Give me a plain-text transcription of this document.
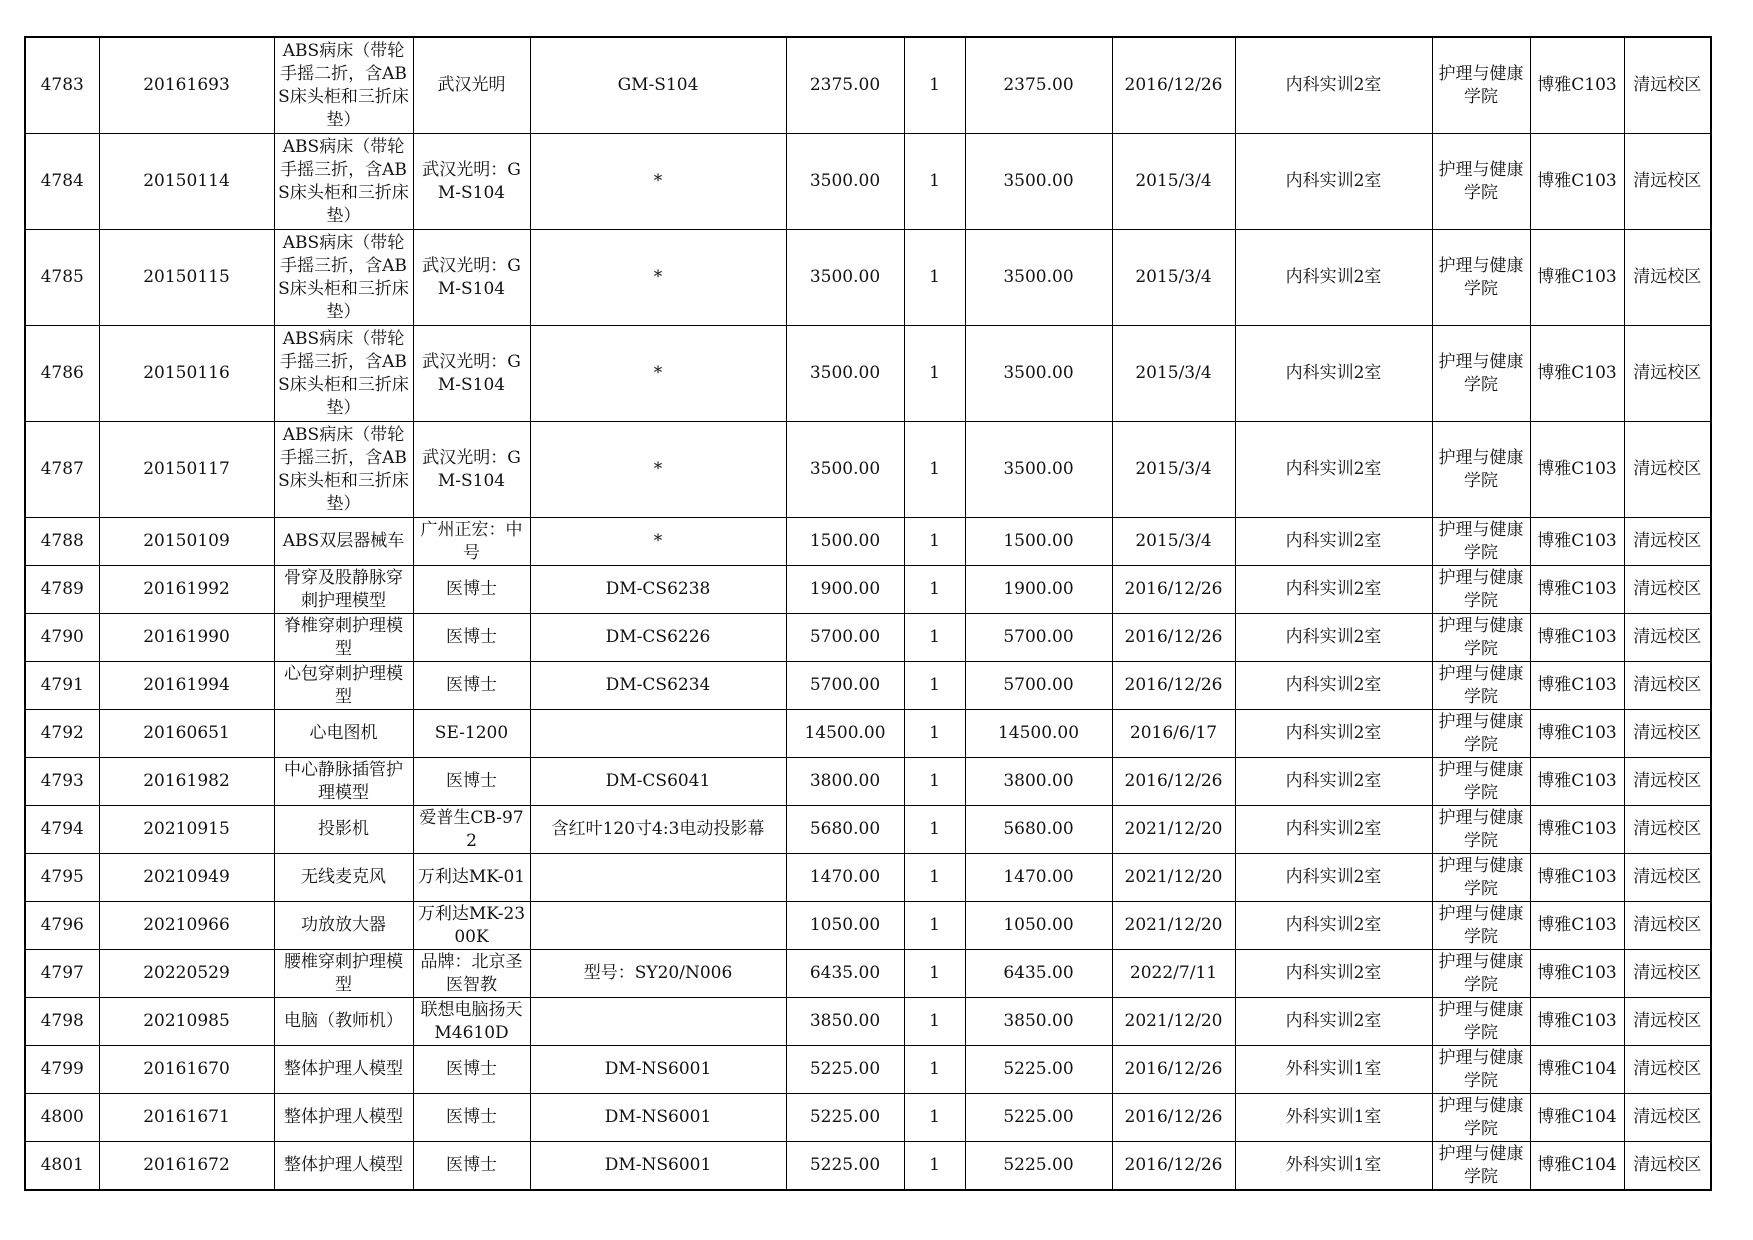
4783	20161693	ABS病床（带轮手摇二折，含ABS床头柜和三折床垫）	武汉光明	GM-S104	2375.00	1	2375.00	2016/12/26	内科实训2室	护理与健康学院	博雅C103	清远校区
4784	20150114	ABS病床（带轮手摇三折，含ABS床头柜和三折床垫）	武汉光明：GM-S104	*	3500.00	1	3500.00	2015/3/4	内科实训2室	护理与健康学院	博雅C103	清远校区
4785	20150115	ABS病床（带轮手摇三折，含ABS床头柜和三折床垫）	武汉光明：GM-S104	*	3500.00	1	3500.00	2015/3/4	内科实训2室	护理与健康学院	博雅C103	清远校区
4786	20150116	ABS病床（带轮手摇三折，含ABS床头柜和三折床垫）	武汉光明：GM-S104	*	3500.00	1	3500.00	2015/3/4	内科实训2室	护理与健康学院	博雅C103	清远校区
4787	20150117	ABS病床（带轮手摇三折，含ABS床头柜和三折床垫）	武汉光明：GM-S104	*	3500.00	1	3500.00	2015/3/4	内科实训2室	护理与健康学院	博雅C103	清远校区
4788	20150109	ABS双层器械车	广州正宏：中号	*	1500.00	1	1500.00	2015/3/4	内科实训2室	护理与健康学院	博雅C103	清远校区
4789	20161992	骨穿及股静脉穿刺护理模型	医博士	DM-CS6238	1900.00	1	1900.00	2016/12/26	内科实训2室	护理与健康学院	博雅C103	清远校区
4790	20161990	脊椎穿刺护理模型	医博士	DM-CS6226	5700.00	1	5700.00	2016/12/26	内科实训2室	护理与健康学院	博雅C103	清远校区
4791	20161994	心包穿刺护理模型	医博士	DM-CS6234	5700.00	1	5700.00	2016/12/26	内科实训2室	护理与健康学院	博雅C103	清远校区
4792	20160651	心电图机	SE-1200		14500.00	1	14500.00	2016/6/17	内科实训2室	护理与健康学院	博雅C103	清远校区
4793	20161982	中心静脉插管护理模型	医博士	DM-CS6041	3800.00	1	3800.00	2016/12/26	内科实训2室	护理与健康学院	博雅C103	清远校区
4794	20210915	投影机	爱普生CB-972	含红叶120寸4:3电动投影幕	5680.00	1	5680.00	2021/12/20	内科实训2室	护理与健康学院	博雅C103	清远校区
4795	20210949	无线麦克风	万利达MK-01		1470.00	1	1470.00	2021/12/20	内科实训2室	护理与健康学院	博雅C103	清远校区
4796	20210966	功放放大器	万利达MK-2300K		1050.00	1	1050.00	2021/12/20	内科实训2室	护理与健康学院	博雅C103	清远校区
4797	20220529	腰椎穿刺护理模型	品牌：北京圣医智教	型号：SY20/N006	6435.00	1	6435.00	2022/7/11	内科实训2室	护理与健康学院	博雅C103	清远校区
4798	20210985	电脑（教师机）	联想电脑扬天M4610D		3850.00	1	3850.00	2021/12/20	内科实训2室	护理与健康学院	博雅C103	清远校区
4799	20161670	整体护理人模型	医博士	DM-NS6001	5225.00	1	5225.00	2016/12/26	外科实训1室	护理与健康学院	博雅C104	清远校区
4800	20161671	整体护理人模型	医博士	DM-NS6001	5225.00	1	5225.00	2016/12/26	外科实训1室	护理与健康学院	博雅C104	清远校区
4801	20161672	整体护理人模型	医博士	DM-NS6001	5225.00	1	5225.00	2016/12/26	外科实训1室	护理与健康学院	博雅C104	清远校区
